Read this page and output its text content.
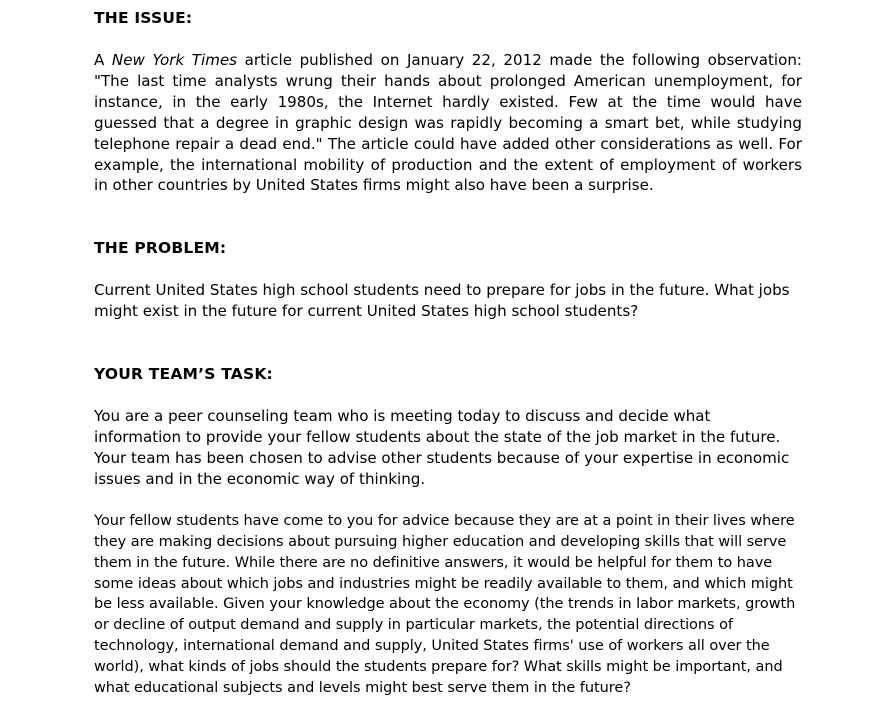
THE ISSUE:

A New York Times article published on January 22, 2012 made the following observation: "The last time analysts wrung their hands about prolonged American unemployment, for instance, in the early 1980s, the Internet hardly existed. Few at the time would have guessed that a degree in graphic design was rapidly becoming a smart bet, while studying telephone repair a dead end." The article could have added other considerations as well. For example, the international mobility of production and the extent of employment of workers in other countries by United States firms might also have been a surprise.

THE PROBLEM:

Current United States high school students need to prepare for jobs in the future. What jobs might exist in the future for current United States high school students?

YOUR TEAM’S TASK:

You are a peer counseling team who is meeting today to discuss and decide what information to provide your fellow students about the state of the job market in the future. Your team has been chosen to advise other students because of your expertise in economic issues and in the economic way of thinking.

Your fellow students have come to you for advice because they are at a point in their lives where they are making decisions about pursuing higher education and developing skills that will serve them in the future. While there are no definitive answers, it would be helpful for them to have some ideas about which jobs and industries might be readily available to them, and which might be less available. Given your knowledge about the economy (the trends in labor markets, growth or decline of output demand and supply in particular markets, the potential directions of technology, international demand and supply, United States firms' use of workers all over the world), what kinds of jobs should the students prepare for? What skills might be important, and what educational subjects and levels might best serve them in the future?
